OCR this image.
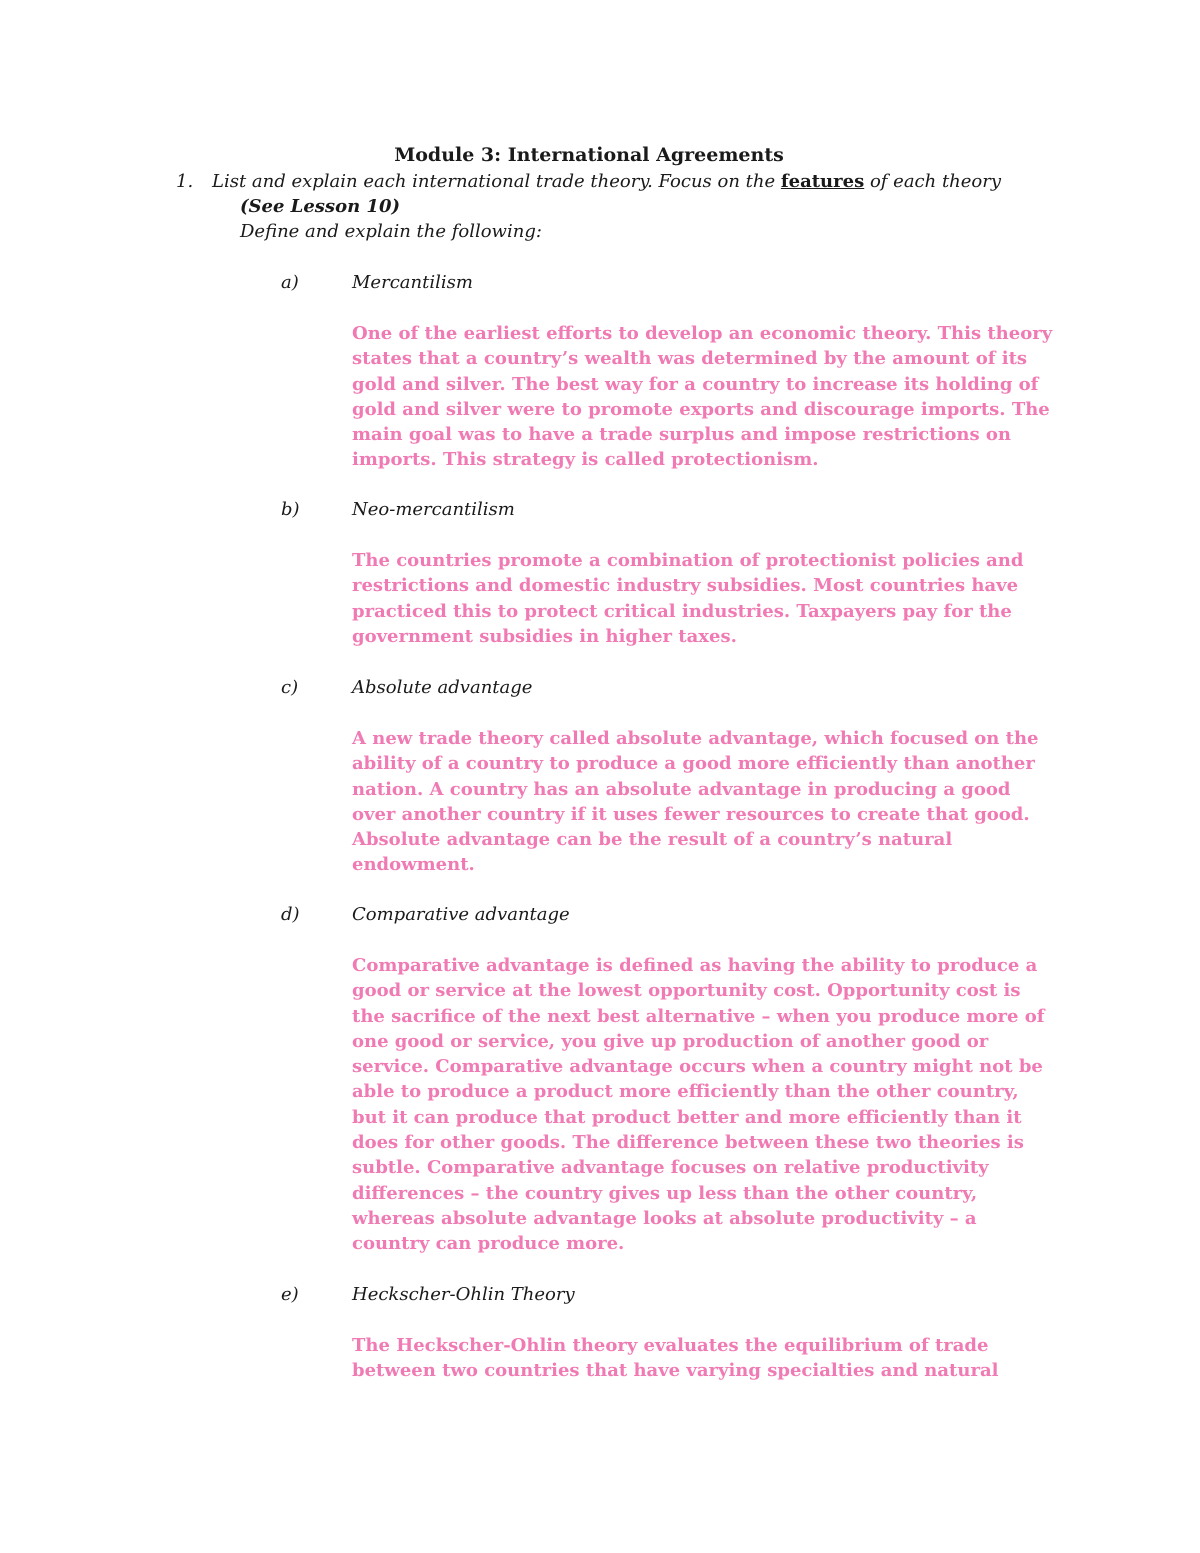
Module 3: International Agreements
1. List and explain each international trade theory. Focus on the features of each theory
(See Lesson 10)
Define and explain the following:
a)	Mercantilism
One of the earliest efforts to develop an economic theory. This theory
states that a country’s wealth was determined by the amount of its
gold and silver. The best way for a country to increase its holding of
gold and silver were to promote exports and discourage imports. The
main goal was to have a trade surplus and impose restrictions on
imports. This strategy is called protectionism.
b)	Neo-mercantilism
The countries promote a combination of protectionist policies and
restrictions and domestic industry subsidies. Most countries have
practiced this to protect critical industries. Taxpayers pay for the
government subsidies in higher taxes.
c)	Absolute advantage
A new trade theory called absolute advantage, which focused on the
ability of a country to produce a good more efficiently than another
nation. A country has an absolute advantage in producing a good
over another country if it uses fewer resources to create that good.
Absolute advantage can be the result of a country’s natural
endowment.
d)	Comparative advantage
Comparative advantage is defined as having the ability to produce a
good or service at the lowest opportunity cost. Opportunity cost is
the sacrifice of the next best alternative – when you produce more of
one good or service, you give up production of another good or
service. Comparative advantage occurs when a country might not be
able to produce a product more efficiently than the other country,
but it can produce that product better and more efficiently than it
does for other goods. The difference between these two theories is
subtle. Comparative advantage focuses on relative productivity
differences – the country gives up less than the other country,
whereas absolute advantage looks at absolute productivity – a
country can produce more.
e)	Heckscher-Ohlin Theory
The Heckscher-Ohlin theory evaluates the equilibrium of trade
between two countries that have varying specialties and natural
